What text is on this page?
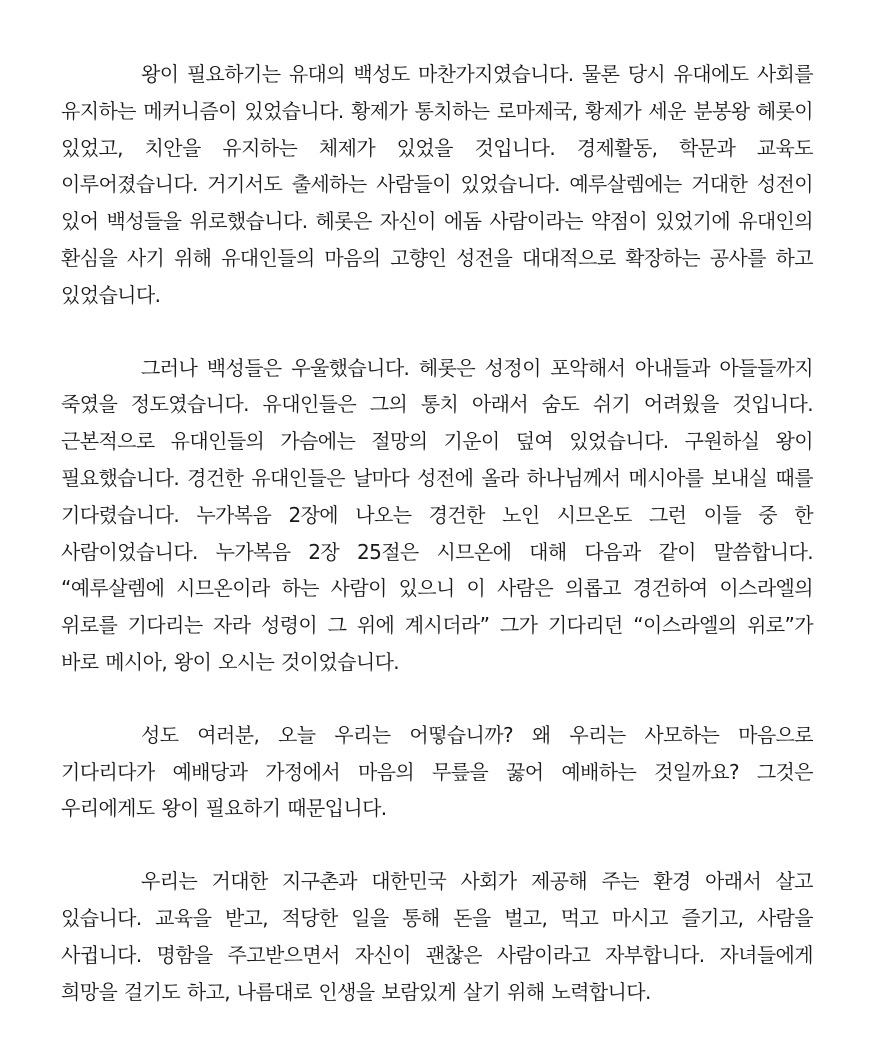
왕이 필요하기는 유대의 백성도 마찬가지였습니다. 물론 당시 유대에도 사회를 유지하는 메커니즘이 있었습니다. 황제가 통치하는 로마제국, 황제가 세운 분봉왕 헤롯이 있었고, 치안을 유지하는 체제가 있었을 것입니다. 경제활동, 학문과 교육도 이루어졌습니다. 거기서도 출세하는 사람들이 있었습니다. 예루살렘에는 거대한 성전이 있어 백성들을 위로했습니다. 헤롯은 자신이 에돔 사람이라는 약점이 있었기에 유대인의 환심을 사기 위해 유대인들의 마음의 고향인 성전을 대대적으로 확장하는 공사를 하고 있었습니다.

그러나 백성들은 우울했습니다. 헤롯은 성정이 포악해서 아내들과 아들들까지 죽였을 정도였습니다. 유대인들은 그의 통치 아래서 숨도 쉬기 어려웠을 것입니다. 근본적으로 유대인들의 가슴에는 절망의 기운이 덮여 있었습니다. 구원하실 왕이 필요했습니다. 경건한 유대인들은 날마다 성전에 올라 하나님께서 메시아를 보내실 때를 기다렸습니다. 누가복음 2장에 나오는 경건한 노인 시므온도 그런 이들 중 한 사람이었습니다. 누가복음 2장 25절은 시므온에 대해 다음과 같이 말씀합니다. “예루살렘에 시므온이라 하는 사람이 있으니 이 사람은 의롭고 경건하여 이스라엘의 위로를 기다리는 자라 성령이 그 위에 계시더라” 그가 기다리던 “이스라엘의 위로”가 바로 메시아, 왕이 오시는 것이었습니다.

성도 여러분, 오늘 우리는 어떻습니까? 왜 우리는 사모하는 마음으로 기다리다가 예배당과 가정에서 마음의 무릎을 꿇어 예배하는 것일까요? 그것은 우리에게도 왕이 필요하기 때문입니다.

우리는 거대한 지구촌과 대한민국 사회가 제공해 주는 환경 아래서 살고 있습니다. 교육을 받고, 적당한 일을 통해 돈을 벌고, 먹고 마시고 즐기고, 사람을 사귑니다. 명함을 주고받으면서 자신이 괜찮은 사람이라고 자부합니다. 자녀들에게 희망을 걸기도 하고, 나름대로 인생을 보람있게 살기 위해 노력합니다.
